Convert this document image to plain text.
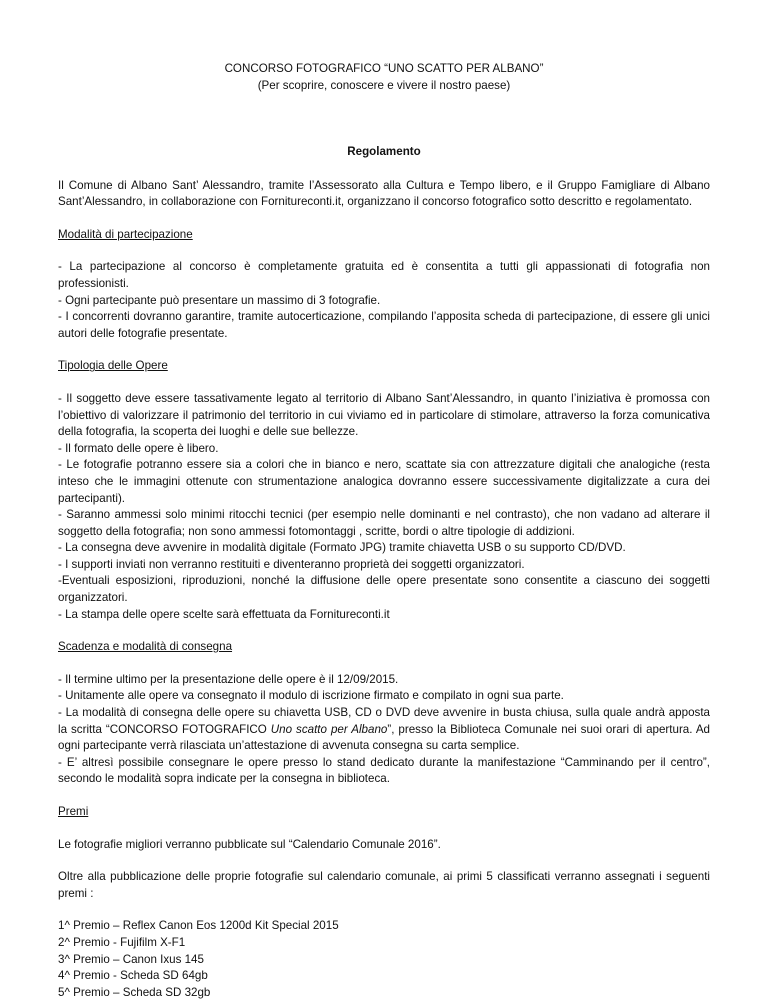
CONCORSO FOTOGRAFICO “UNO SCATTO PER ALBANO”
(Per scoprire, conoscere e vivere il nostro paese)
Regolamento

Il Comune di Albano Sant’ Alessandro, tramite l’Assessorato alla Cultura e Tempo libero, e il Gruppo Famigliare di Albano Sant’Alessandro, in collaborazione con Fornitureconti.it, organizzano il concorso fotografico sotto descritto e regolamentato.

Modalità di partecipazione

- La partecipazione al concorso è completamente gratuita ed è consentita a tutti gli appassionati di fotografia non professionisti.
- Ogni partecipante può presentare un massimo di 3 fotografie.
- I concorrenti dovranno garantire, tramite autocerticazione, compilando l’apposita scheda di partecipazione, di essere gli unici autori delle fotografie presentate.

Tipologia delle Opere

- Il soggetto deve essere tassativamente legato al territorio di Albano Sant’Alessandro, in quanto l’iniziativa è promossa con l’obiettivo di valorizzare il patrimonio del territorio in cui viviamo ed in particolare di stimolare, attraverso la forza comunicativa della fotografia, la scoperta dei luoghi e delle sue bellezze.
- Il formato delle opere è libero.
- Le fotografie potranno essere sia a colori che in bianco e nero, scattate sia con attrezzature digitali che analogiche (resta inteso che le immagini ottenute con strumentazione analogica dovranno essere successivamente digitalizzate a cura dei partecipanti).
- Saranno ammessi solo minimi ritocchi tecnici (per esempio nelle dominanti e nel contrasto), che non vadano ad alterare il soggetto della fotografia; non sono ammessi fotomontaggi , scritte, bordi o altre tipologie di addizioni.
- La consegna deve avvenire in modalità digitale (Formato JPG) tramite chiavetta USB o su supporto CD/DVD.
- I supporti inviati non verranno restituiti e diventeranno proprietà dei soggetti organizzatori.
-Eventuali esposizioni, riproduzioni, nonché la diffusione delle opere presentate sono consentite a ciascuno dei soggetti organizzatori.
- La stampa delle opere scelte sarà effettuata da Fornitureconti.it

Scadenza e modalità di consegna

- Il termine ultimo per la presentazione delle opere è il 12/09/2015.
- Unitamente alle opere va consegnato il modulo di iscrizione firmato e compilato in ogni sua parte.
- La modalità di consegna delle opere su chiavetta USB, CD o DVD deve avvenire in busta chiusa, sulla quale andrà apposta la scritta “CONCORSO FOTOGRAFICO Uno scatto per Albano”, presso la Biblioteca Comunale nei suoi orari di apertura. Ad ogni partecipante verrà rilasciata un’attestazione di avvenuta consegna su carta semplice.
- E’ altresì possibile consegnare le opere presso lo stand dedicato durante la manifestazione “Camminando per il centro”, secondo le modalità sopra indicate per la consegna in biblioteca.

Premi

Le fotografie migliori verranno pubblicate sul “Calendario Comunale 2016”.

Oltre alla pubblicazione delle proprie fotografie sul calendario comunale, ai primi 5 classificati verranno assegnati i seguenti premi :

1^ Premio – Reflex Canon Eos 1200d Kit Special 2015
2^ Premio - Fujifilm X-F1
3^ Premio – Canon Ixus 145
4^ Premio - Scheda SD 64gb
5^ Premio – Scheda SD 32gb
